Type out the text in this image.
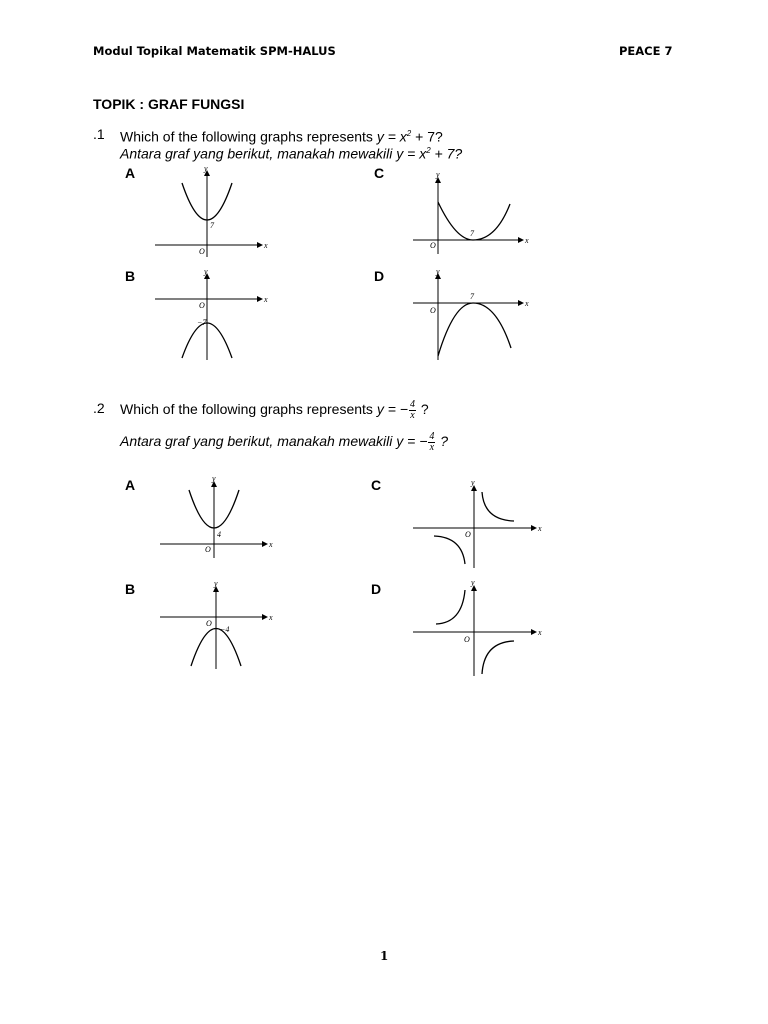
Modul Topikal Matematik SPM-HALUS	PEACE 7
TOPIK : GRAF FUNGSI
.1 Which of the following graphs represents $y = x^2 + 7$?
Antara graf yang berikut, manakah mewakili $y = x^2 + 7$?
A	C
B	D
7
O
x
y
7
O
x
y
−7
O
x
y
7
O
x
y
.2 Which of the following graphs represents y = − $\frac{4}{x}$ ?
Antara graf yang berikut, manakah mewakili y = − $\frac{4}{x}$ ?
A	C
B	D
4
O
x
y
O
x
y
−4
O
x
y
O
x
y
1
